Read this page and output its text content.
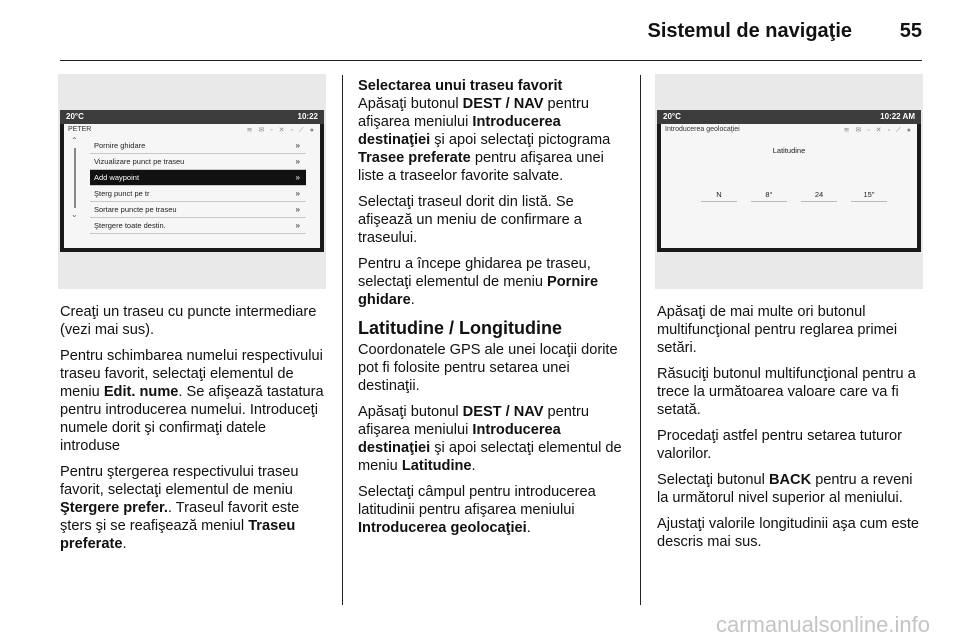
Sistemul de navigaţie 55
20°C	10:22
PETER	≋ ✉ ◦ ✕ ◦ ⟋ ●
⌃
⌄
Pornire ghidare	»
Vizualizare punct pe traseu	»
Add waypoint	»
Şterg punct pe tr	»
Sortare puncte pe traseu	»
Ştergere toate destin.	»
20°C	10:22 AM
Introducerea geolocaţiei	≋ ✉ ◦ ✕ ◦ ⟋ ●
Latitudine
N	8°	24	15"

Creaţi un traseu cu puncte intermediare (vezi mai sus).

Pentru schimbarea numelui respectivului traseu favorit, selectaţi elementul de meniu Edit. nume. Se afişează tastatura pentru introducerea numelui. Introduceţi numele dorit şi confirmaţi datele introduse

Pentru ştergerea respectivului traseu favorit, selectaţi elementul de meniu Ştergere prefer.. Traseul favorit este şters şi se reafişează meniul Traseu preferate.

Selectarea unui traseu favorit

Apăsaţi butonul DEST / NAV pentru afişarea meniului Introducerea destinaţiei şi apoi selectaţi pictograma Trasee preferate pentru afişarea unei liste a traseelor favorite salvate.

Selectaţi traseul dorit din listă. Se afişează un meniu de confirmare a traseului.

Pentru a începe ghidarea pe traseu, selectaţi elementul de meniu Pornire ghidare.

Latitudine / Longitudine

Coordonatele GPS ale unei locaţii dorite pot fi folosite pentru setarea unei destinaţii.

Apăsaţi butonul DEST / NAV pentru afişarea meniului Introducerea destinaţiei şi apoi selectaţi elementul de meniu Latitudine.

Selectaţi câmpul pentru introducerea latitudinii pentru afişarea meniului Introducerea geolocaţiei.

Apăsaţi de mai multe ori butonul multifuncţional pentru reglarea primei setări.

Răsuciţi butonul multifuncţional pentru a trece la următoarea valoare care va fi setată.

Procedaţi astfel pentru setarea tuturor valorilor.

Selectaţi butonul BACK pentru a reveni la următorul nivel superior al meniului.

Ajustaţi valorile longitudinii aşa cum este descris mai sus.

carmanualsonline.info
